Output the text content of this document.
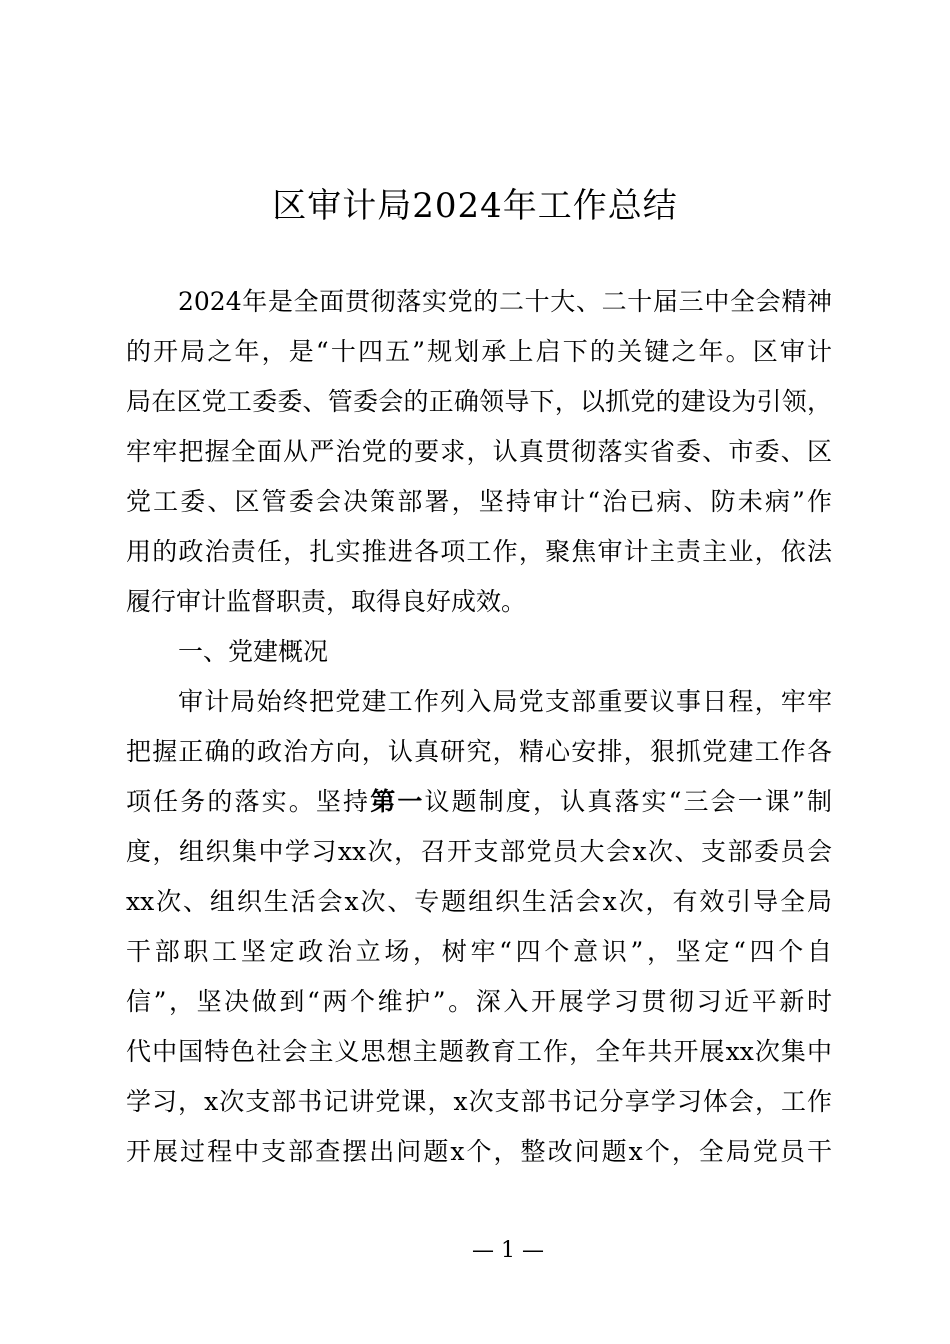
区审计局2024年工作总结
2024年是全面贯彻落实党的二十大、二十届三中全会精神
的开局之年，是“十四五”规划承上启下的关键之年。区审计
局在区党工委委、管委会的正确领导下，以抓党的建设为引领，
牢牢把握全面从严治党的要求，认真贯彻落实省委、市委、区
党工委、区管委会决策部署，坚持审计“治已病、防未病”作
用的政治责任，扎实推进各项工作，聚焦审计主责主业，依法
履行审计监督职责，取得良好成效。
一、党建概况
审计局始终把党建工作列入局党支部重要议事日程，牢牢
把握正确的政治方向，认真研究，精心安排，狠抓党建工作各
项任务的落实。坚持第一议题制度，认真落实“三会一课”制
度，组织集中学习xx次，召开支部党员大会x次、支部委员会
xx次、组织生活会x次、专题组织生活会x次，有效引导全局
干部职工坚定政治立场，树牢“四个意识”，坚定“四个自
信”，坚决做到“两个维护”。深入开展学习贯彻习近平新时
代中国特色社会主义思想主题教育工作，全年共开展xx次集中
学习，x次支部书记讲党课，x次支部书记分享学习体会，工作
开展过程中支部查摆出问题x个，整改问题x个，全局党员干
— 1 —
